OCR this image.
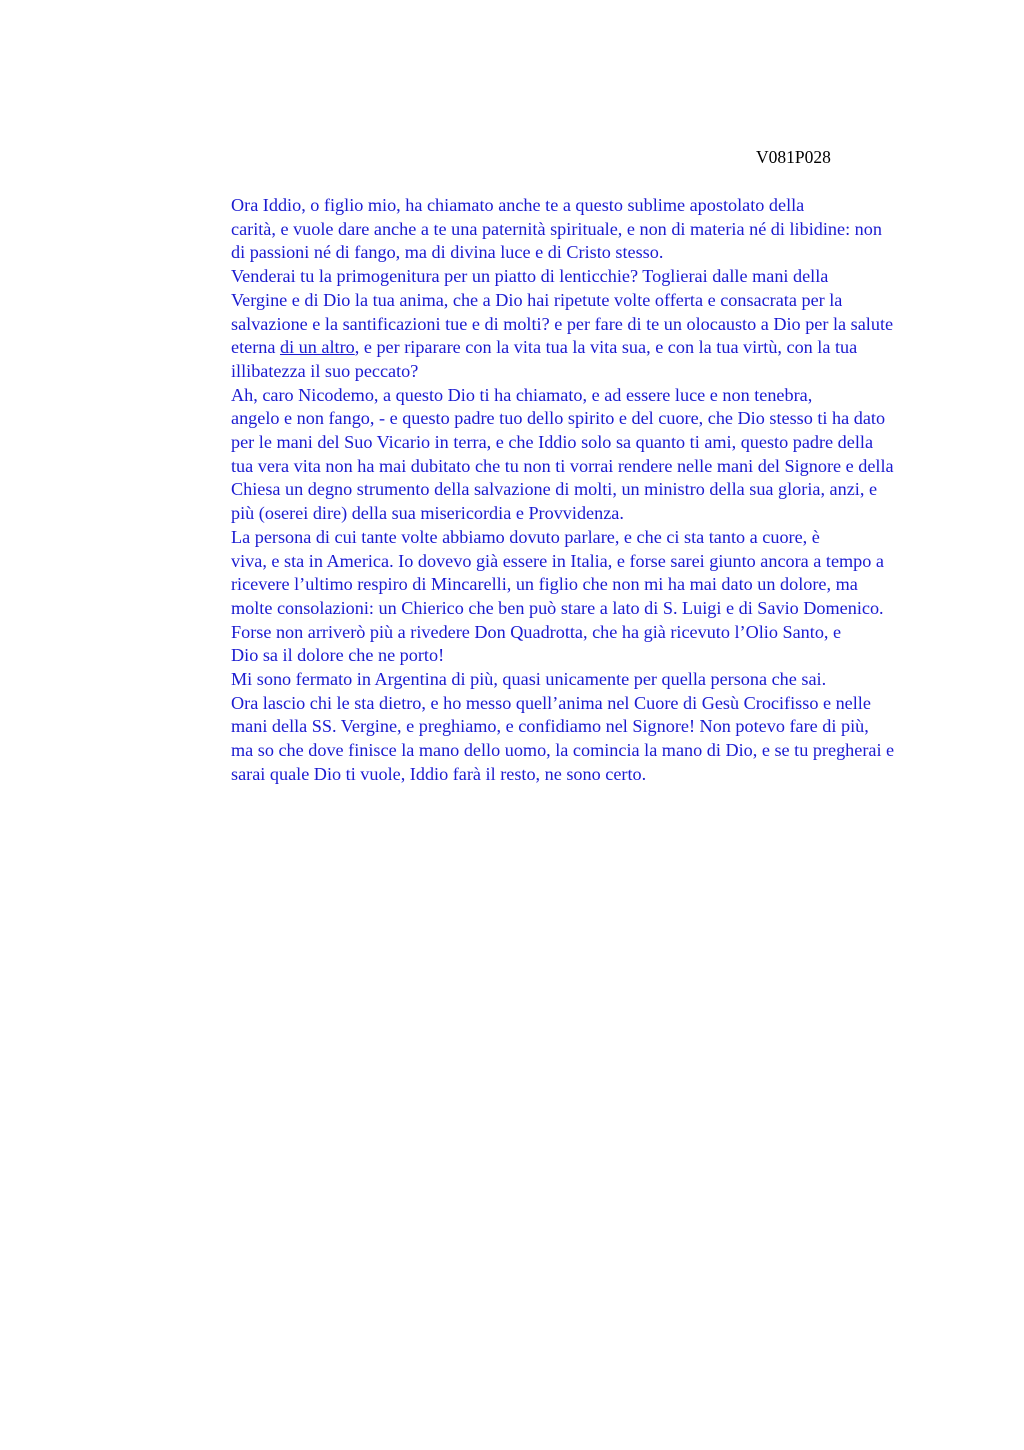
V081P028

Ora Iddio, o figlio mio, ha chiamato anche te a questo sublime apostolato della
carità, e vuole dare anche a te una paternità spirituale, e non di materia né di libidine: non
di passioni né di fango, ma di divina luce e di Cristo stesso.

Venderai tu la primogenitura per un piatto di lenticchie? Toglierai dalle mani della
Vergine e di Dio la tua anima, che a Dio hai ripetute volte offerta e consacrata per la
salvazione e la santificazioni tue e di molti? e per fare di te un olocausto a Dio per la salute
eterna di un altro, e per riparare con la vita tua la vita sua, e con la tua virtù, con la tua
illibatezza il suo peccato?

Ah, caro Nicodemo, a questo Dio ti ha chiamato, e ad essere luce e non tenebra,
angelo e non fango, - e questo padre tuo dello spirito e del cuore, che Dio stesso ti ha dato
per le mani del Suo Vicario in terra, e che Iddio solo sa quanto ti ami, questo padre della
tua vera vita non ha mai dubitato che tu non ti vorrai rendere nelle mani del Signore e della
Chiesa un degno strumento della salvazione di molti, un ministro della sua gloria, anzi, e
più (oserei dire) della sua misericordia e Provvidenza.

La persona di cui tante volte abbiamo dovuto parlare, e che ci sta tanto a cuore, è
viva, e sta in America. Io dovevo già essere in Italia, e forse sarei giunto ancora a tempo a
ricevere l’ultimo respiro di Mincarelli, un figlio che non mi ha mai dato un dolore, ma
molte consolazioni: un Chierico che ben può stare a lato di S. Luigi e di Savio Domenico.

Forse non arriverò più a rivedere Don Quadrotta, che ha già ricevuto l’Olio Santo, e
Dio sa il dolore che ne porto!

Mi sono fermato in Argentina di più, quasi unicamente per quella persona che sai.
Ora lascio chi le sta dietro, e ho messo quell’anima nel Cuore di Gesù Crocifisso e nelle
mani della SS. Vergine, e preghiamo, e confidiamo nel Signore! Non potevo fare di più,
ma so che dove finisce la mano dello uomo, la comincia la mano di Dio, e se tu pregherai e
sarai quale Dio ti vuole, Iddio farà il resto, ne sono certo.
